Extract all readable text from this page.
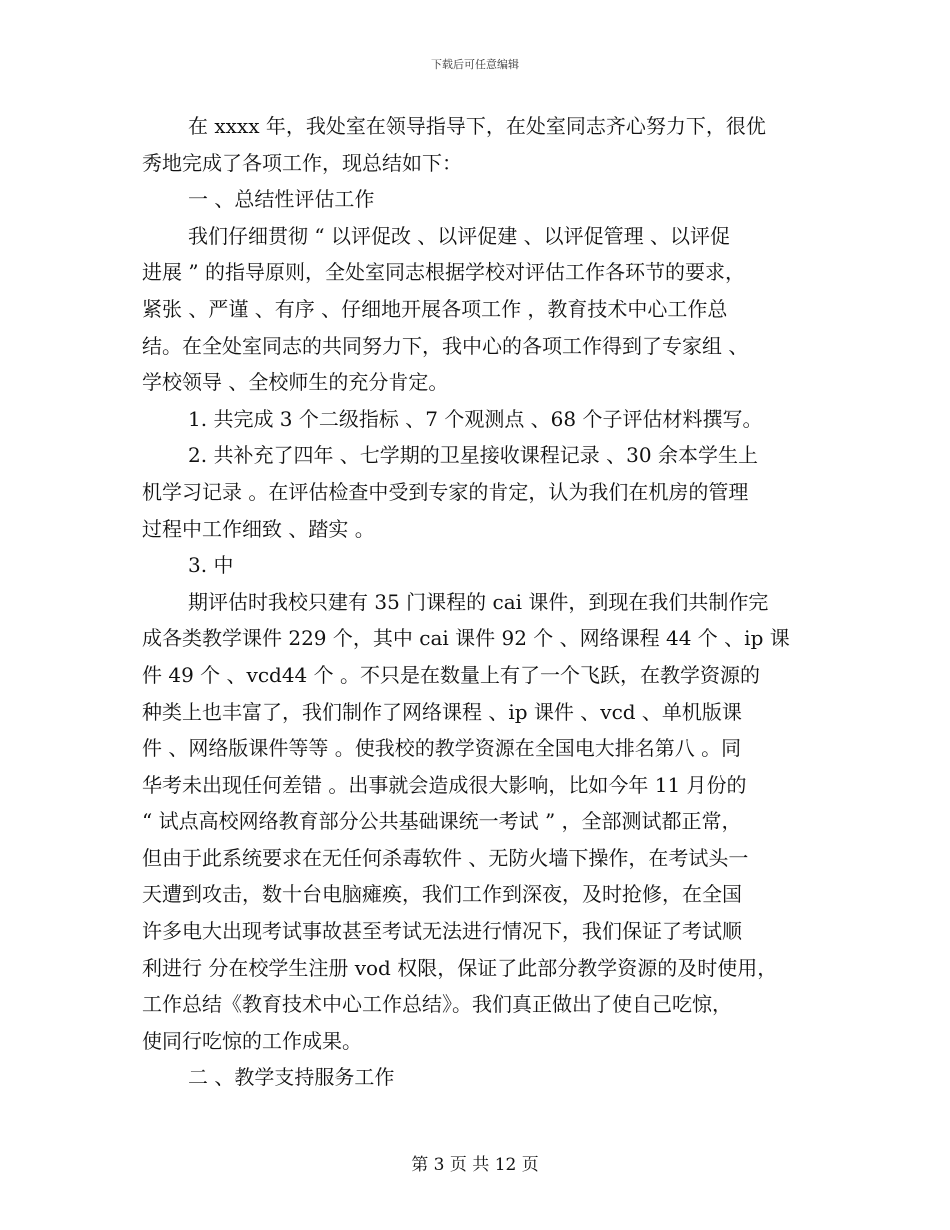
下载后可任意编辑
在 xxxx 年，我处室在领导指导下，在处室同志齐心努力下，很优
秀地完成了各项工作，现总结如下：
一 、总结性评估工作
我们仔细贯彻 “ 以评促改 、以评促建 、以评促管理 、以评促
进展 ” 的指导原则，全处室同志根据学校对评估工作各环节的要求，
紧张 、严谨 、有序 、仔细地开展各项工作 ，教育技术中心工作总
结。在全处室同志的共同努力下，我中心的各项工作得到了专家组 、
学校领导 、全校师生的充分肯定。
1. 共完成 3 个二级指标 、7 个观测点 、68 个子评估材料撰写。
2. 共补充了四年 、七学期的卫星接收课程记录 、30 余本学生上
机学习记录 。在评估检查中受到专家的肯定，认为我们在机房的管理
过程中工作细致 、踏实 。
3. 中
期评估时我校只建有 35 门课程的 cai 课件，到现在我们共制作完
成各类教学课件 229 个，其中 cai 课件 92 个 、网络课程 44 个 、ip 课
件 49 个 、vcd44 个 。不只是在数量上有了一个飞跃，在教学资源的
种类上也丰富了，我们制作了网络课程 、ip 课件 、vcd 、单机版课
件 、网络版课件等等 。使我校的教学资源在全国电大排名第八 。同
华考未出现任何差错 。出事就会造成很大影响，比如今年 11 月份的
“ 试点高校网络教育部分公共基础课统一考试 ” ，全部测试都正常，
但由于此系统要求在无任何杀毒软件 、无防火墙下操作，在考试头一
天遭到攻击，数十台电脑瘫痪，我们工作到深夜，及时抢修，在全国
许多电大出现考试事故甚至考试无法进行情况下，我们保证了考试顺
利进行 分在校学生注册 vod 权限，保证了此部分教学资源的及时使用，
工作总结《教育技术中心工作总结》。我们真正做出了使自己吃惊，
使同行吃惊的工作成果。
二 、教学支持服务工作
第 3 页 共 12 页
